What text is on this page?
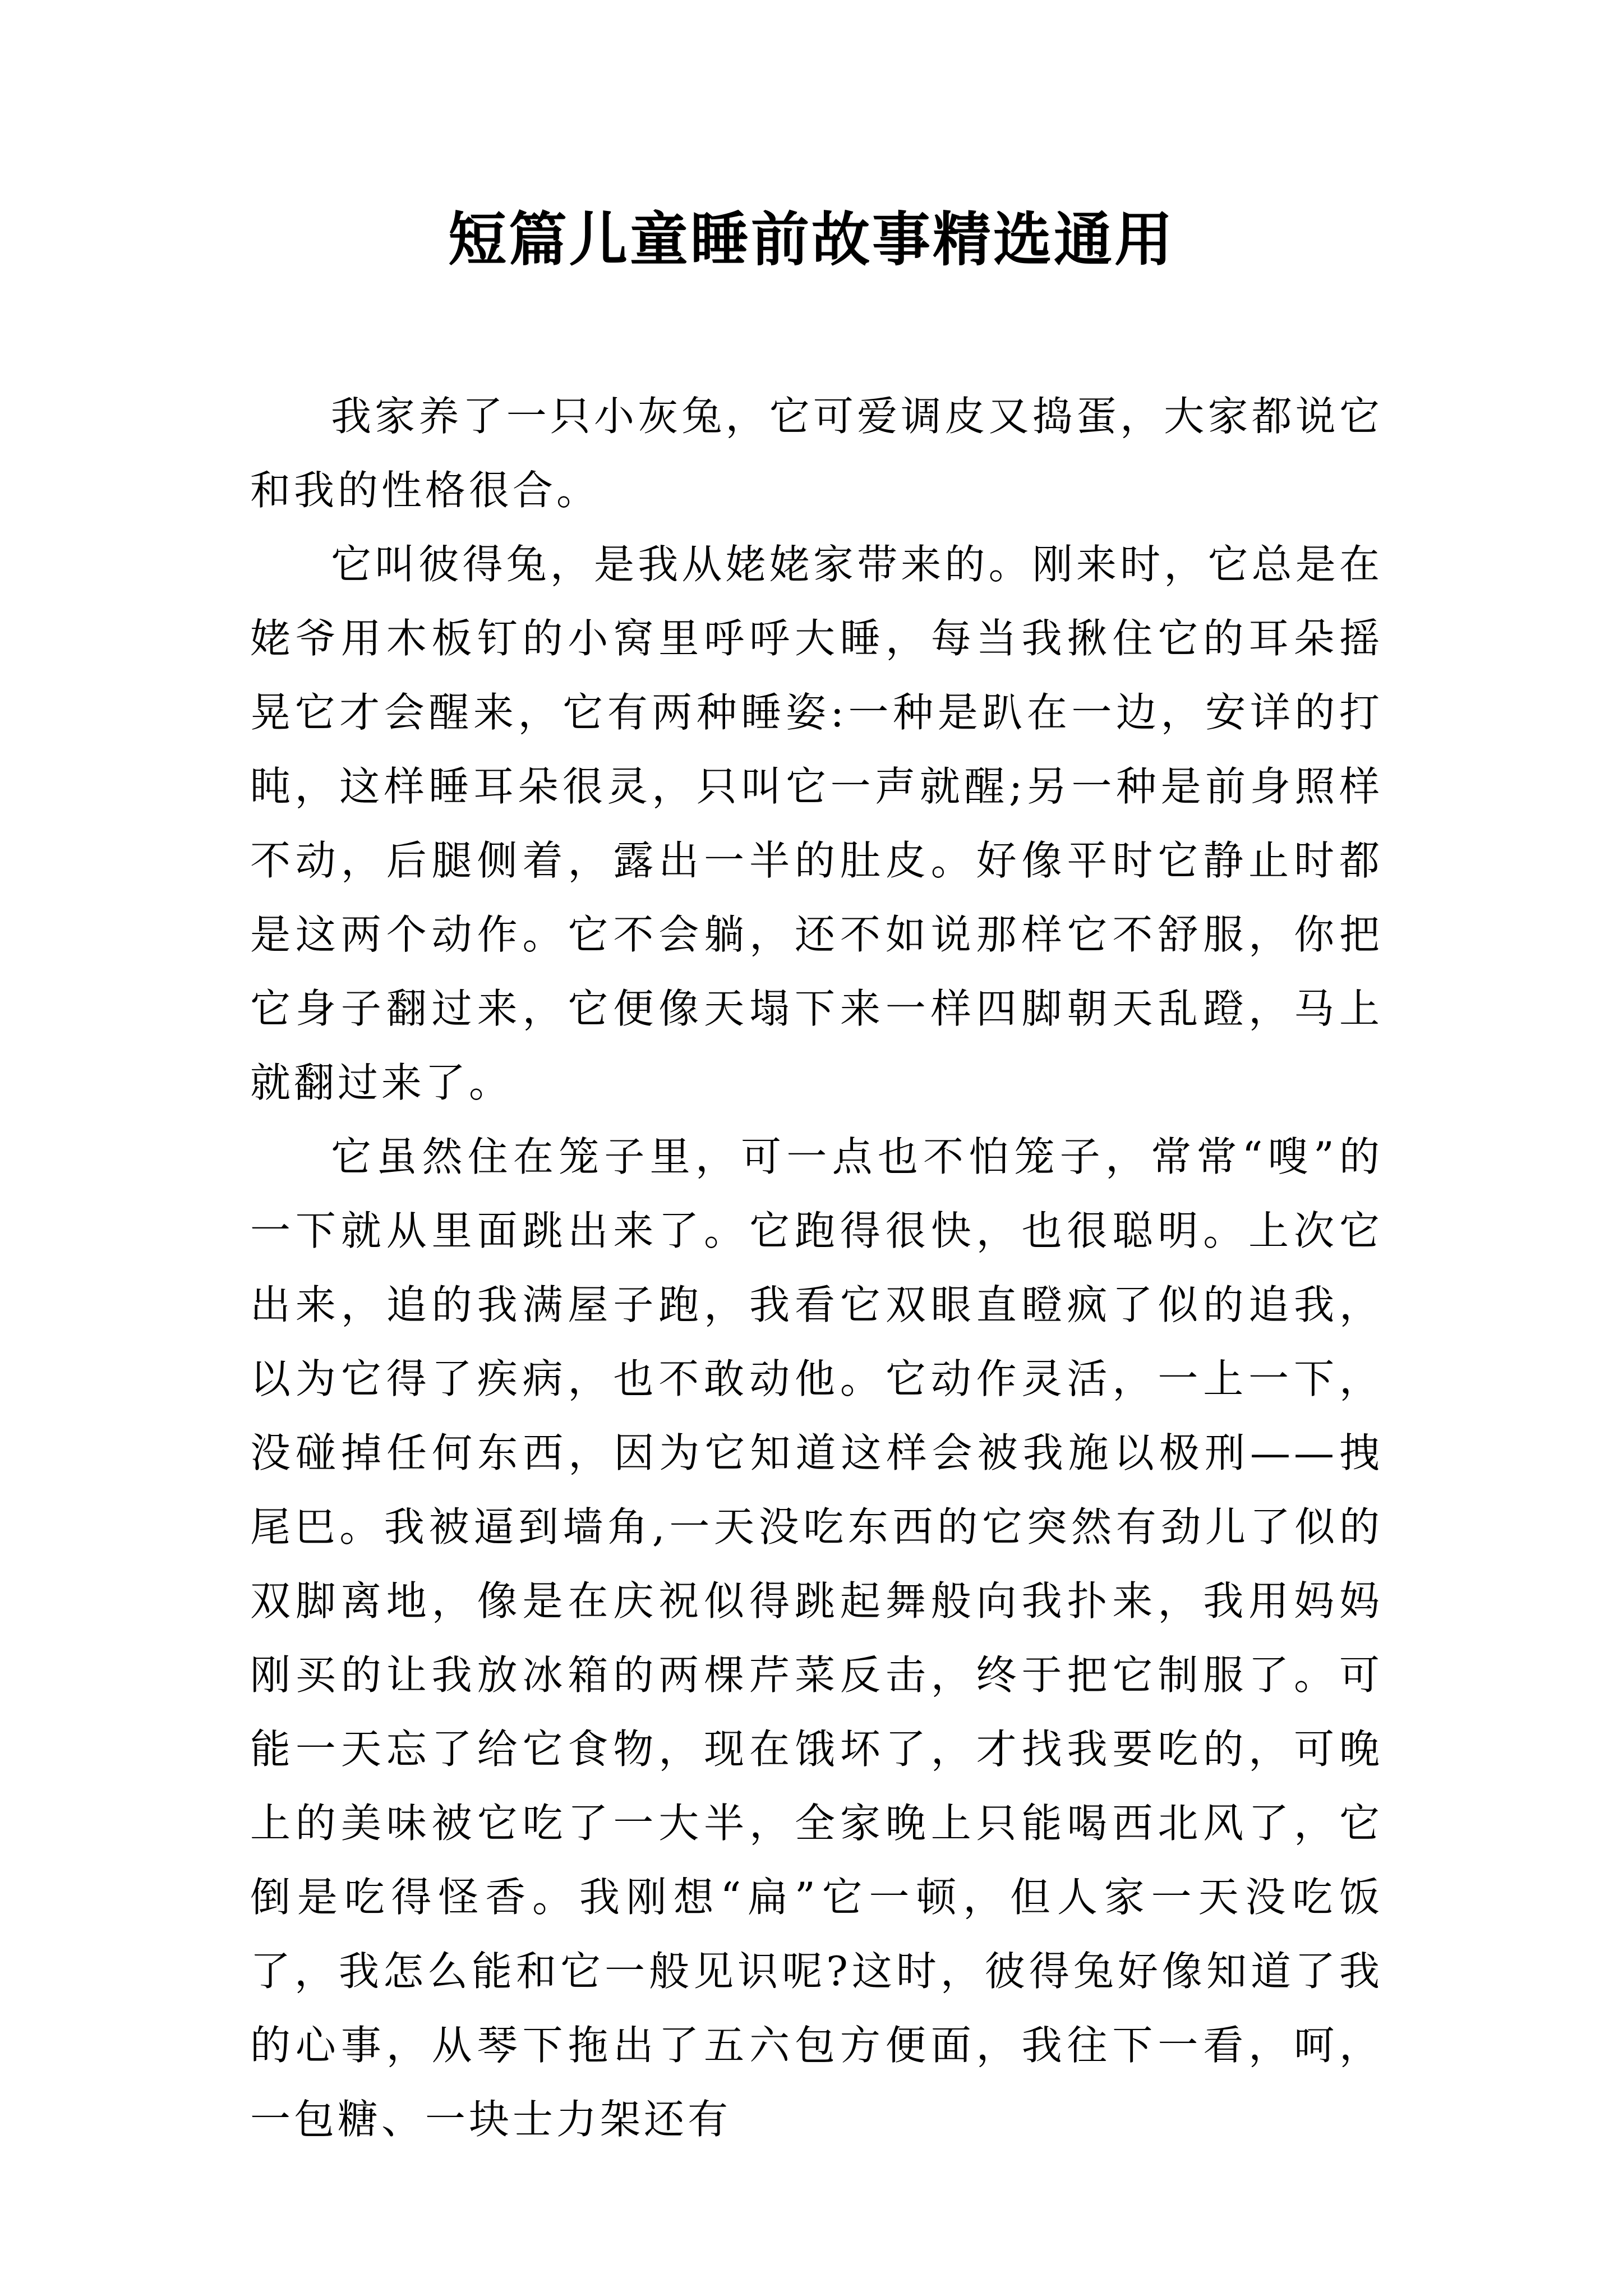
短篇儿童睡前故事精选通用

我家养了一只小灰兔，它可爱调皮又捣蛋，大家都说它和我的性格很合。

它叫彼得兔，是我从姥姥家带来的。刚来时，它总是在姥爷用木板钉的小窝里呼呼大睡，每当我揪住它的耳朵摇晃它才会醒来，它有两种睡姿:一种是趴在一边，安详的打盹，这样睡耳朵很灵，只叫它一声就醒;另一种是前身照样不动，后腿侧着，露出一半的肚皮。好像平时它静止时都是这两个动作。它不会躺，还不如说那样它不舒服，你把它身子翻过来，它便像天塌下来一样四脚朝天乱蹬，马上就翻过来了。

它虽然住在笼子里，可一点也不怕笼子，常常“嗖”的一下就从里面跳出来了。它跑得很快，也很聪明。上次它出来，追的我满屋子跑，我看它双眼直瞪疯了似的追我，以为它得了疾病，也不敢动他。它动作灵活，一上一下，没碰掉任何东西，因为它知道这样会被我施以极刑——拽尾巴。我被逼到墙角,一天没吃东西的它突然有劲儿了似的双脚离地，像是在庆祝似得跳起舞般向我扑来，我用妈妈刚买的让我放冰箱的两棵芹菜反击，终于把它制服了。可能一天忘了给它食物，现在饿坏了，才找我要吃的，可晚上的美味被它吃了一大半，全家晚上只能喝西北风了，它倒是吃得怪香。我刚想“扁”它一顿，但人家一天没吃饭了，我怎么能和它一般见识呢?这时，彼得兔好像知道了我的心事，从琴下拖出了五六包方便面，我往下一看，呵，一包糖、一块士力架还有
